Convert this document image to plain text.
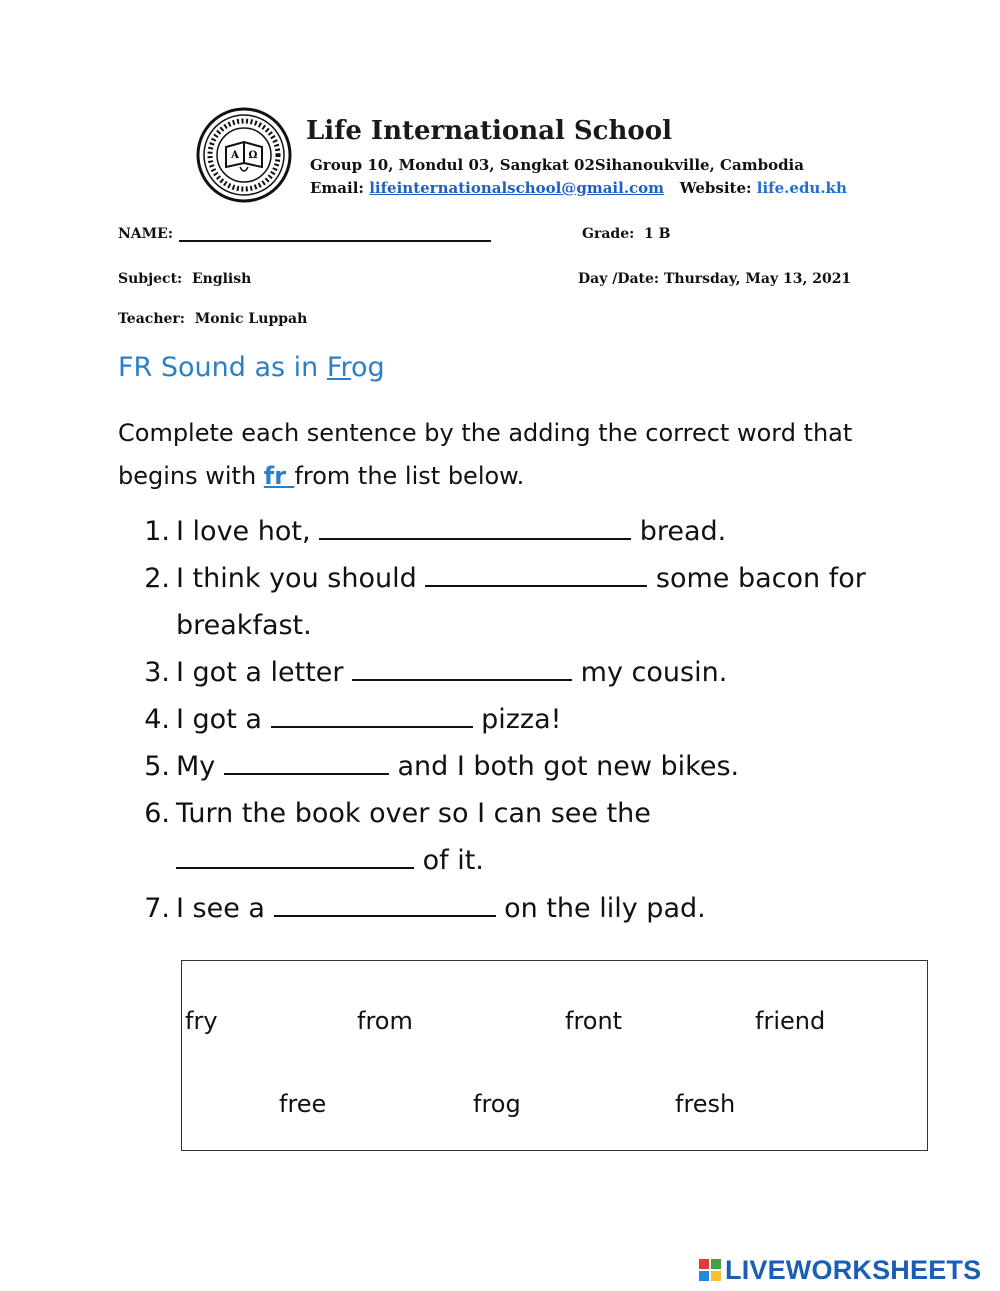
A Ω
Life International School
Group 10, Mondul 03, Sangkat 02Sihanoukville, Cambodia
Email: lifeinternationalschool@gmail.com Website: life.edu.kh
NAME:	Grade: 1 B
Subject: English	Day /Date: Thursday, May 13, 2021
Teacher: Monic Luppah
FR Sound as in Frog
Complete each sentence by the adding the correct word that
begins with fr from the list below.
1. I love hot,	bread.
2. I think you should	some bacon for
breakfast.
3. I got a letter	my cousin.
4. I got a	pizza!
5. My	and I both got new bikes.
6. Turn the book over so I can see the
of it.
7. I see a	on the lily pad.
fry	from	front	friend
free	frog	fresh
LIVEWORKSHEETS
